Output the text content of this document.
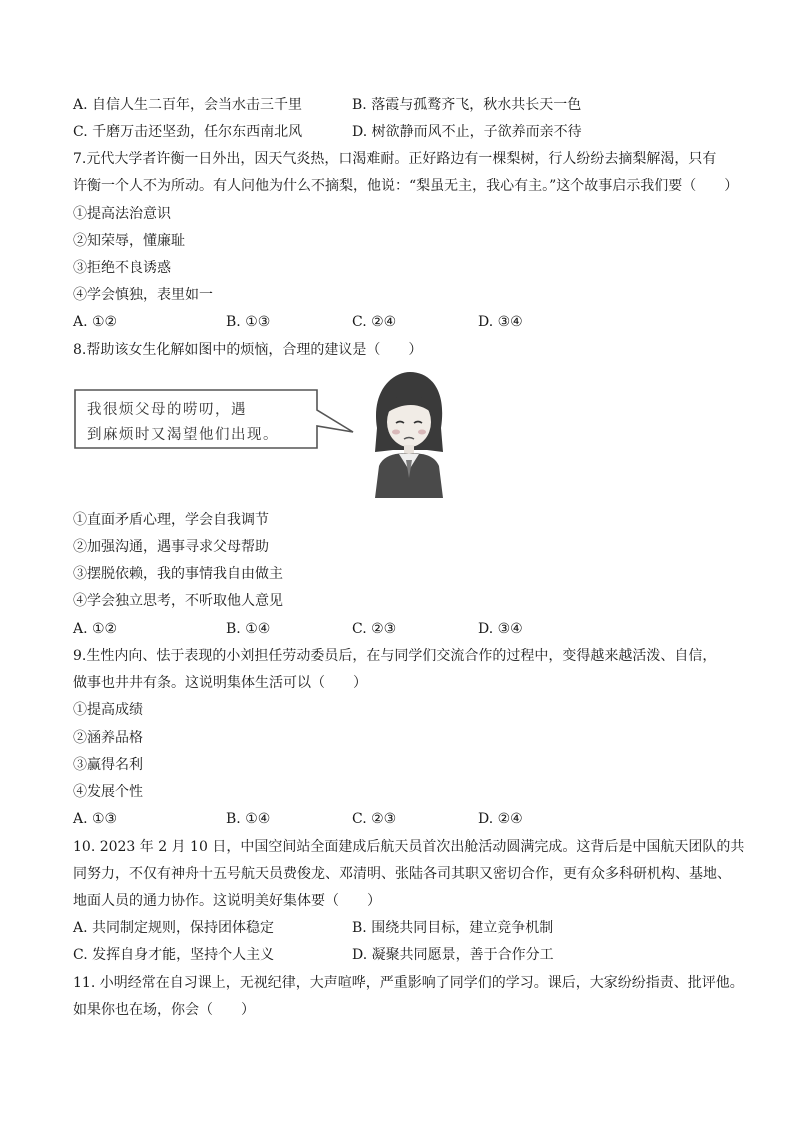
A. 自信人生二百年，会当水击三千里	B. 落霞与孤鹜齐飞，秋水共长天一色
C. 千磨万击还坚劲，任尔东西南北风	D. 树欲静而风不止，子欲养而亲不待
7.元代大学者许衡一日外出，因天气炎热，口渴难耐。正好路边有一棵梨树，行人纷纷去摘梨解渴，只有
许衡一个人不为所动。有人问他为什么不摘梨，他说：“梨虽无主，我心有主。”这个故事启示我们要（　　）
①提高法治意识
②知荣辱，懂廉耻
③拒绝不良诱惑
④学会慎独，表里如一
A. ①②	B. ①③	C. ②④	D. ③④
8.帮助该女生化解如图中的烦恼，合理的建议是（　　）
我很烦父母的唠叨，遇
到麻烦时又渴望他们出现。
①直面矛盾心理，学会自我调节
②加强沟通，遇事寻求父母帮助
③摆脱依赖，我的事情我自由做主
④学会独立思考，不听取他人意见
A. ①②	B. ①④	C. ②③	D. ③④
9.生性内向、怯于表现的小刘担任劳动委员后，在与同学们交流合作的过程中，变得越来越活泼、自信，
做事也井井有条。这说明集体生活可以（　　）
①提高成绩
②涵养品格
③赢得名利
④发展个性
A. ①③	B. ①④	C. ②③	D. ②④
10. 2023 年 2 月 10 日，中国空间站全面建成后航天员首次出舱活动圆满完成。这背后是中国航天团队的共
同努力，不仅有神舟十五号航天员费俊龙、邓清明、张陆各司其职又密切合作，更有众多科研机构、基地、
地面人员的通力协作。这说明美好集体要（　　）
A. 共同制定规则，保持团体稳定	B. 围绕共同目标，建立竞争机制
C. 发挥自身才能，坚持个人主义	D. 凝聚共同愿景，善于合作分工
11. 小明经常在自习课上，无视纪律，大声喧哗，严重影响了同学们的学习。课后，大家纷纷指责、批评他。
如果你也在场，你会（　　）
